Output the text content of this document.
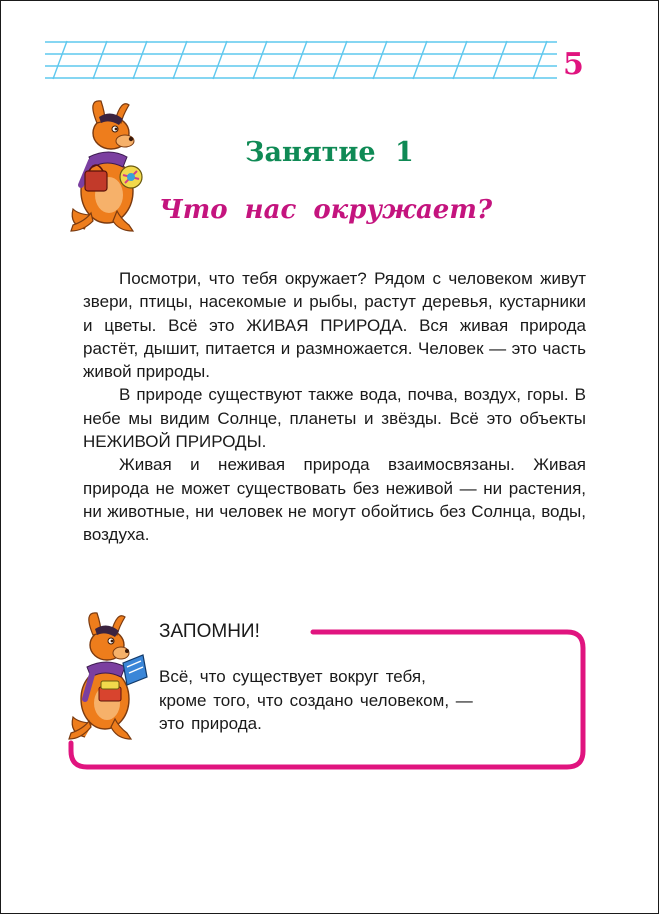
5
Занятие 1
Что нас окружает?

Посмотри, что тебя окружает? Рядом с человеком живут звери, птицы, насекомые и рыбы, растут деревья, кустарники и цветы. Всё это ЖИВАЯ ПРИРОДА. Вся живая природа растёт, дышит, питается и размножается. Человек — это часть живой природы.

В природе существуют также вода, почва, воздух, горы. В небе мы видим Солнце, планеты и звёзды. Всё это объекты НЕЖИВОЙ ПРИРОДЫ.

Живая и неживая природа взаимосвязаны. Живая природа не может существовать без неживой — ни растения, ни животные, ни человек не могут обойтись без Солнца, воды, воздуха.

ЗАПОМНИ!
Всё, что существует вокруг тебя,
кроме того, что создано человеком, —
это природа.
